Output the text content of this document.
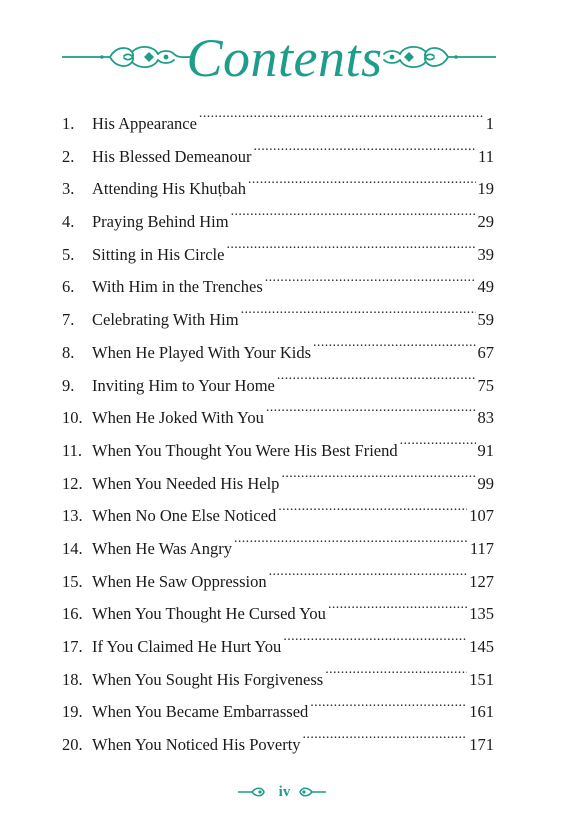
Contents
1.	His Appearance .....	1
2.	His Blessed Demeanour .....	11
3.	Attending His Khuṭbah .....	19
4.	Praying Behind Him .....	29
5.	Sitting in His Circle .....	39
6.	With Him in the Trenches .....	49
7.	Celebrating With Him .....	59
8.	When He Played With Your Kids .....	67
9.	Inviting Him to Your Home .....	75
10. When He Joked With You .....	83
11. When You Thought You Were His Best Friend .....	91
12. When You Needed His Help .....	99
13. When No One Else Noticed .....	107
14. When He Was Angry .....	117
15. When He Saw Oppression .....	127
16. When You Thought He Cursed You .....	135
17. If You Claimed He Hurt You .....	145
18. When You Sought His Forgiveness .....	151
19. When You Became Embarrassed .....	161
20. When You Noticed His Poverty .....	171
iv
